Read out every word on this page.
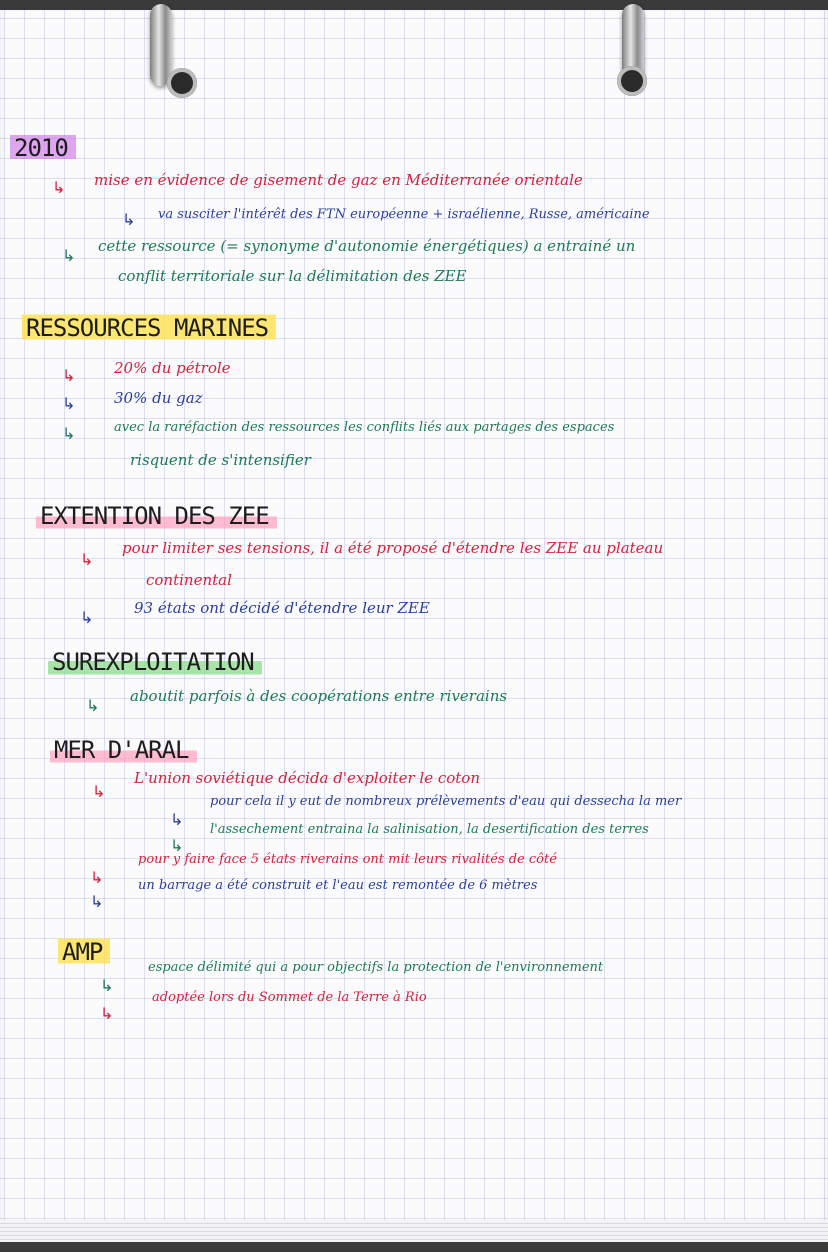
2010
↳ mise en évidence de gisement de gaz en Méditerranée orientale
↳ va susciter l'intérêt des FTN européenne + israélienne, Russe, américaine
↳ cette ressource (= synonyme d'autonomie énergétiques) a entrainé un
conflit territoriale sur la délimitation des ZEE
RESSOURCES MARINES
↳	20% du pétrole
↳	30% du gaz
↳	avec la raréfaction des ressources les conflits liés aux partages des espaces
risquent de s'intensifier
EXTENTION DES ZEE
↳
pour limiter ses tensions, il a été proposé d'étendre les ZEE au plateau
continental
↳	93 états ont décidé d'étendre leur ZEE
SUREXPLOITATION
↳ aboutit parfois à des coopérations entre riverains
MER D'ARAL
↳
L'union soviétique décida d'exploiter le coton
↳
pour cela il y eut de nombreux prélèvements d'eau qui dessecha la mer
↳
l'assechement entraina la salinisation, la desertification des terres
↳
pour y faire face 5 états riverains ont mit leurs rivalités de côté
↳
un barrage a été construit et l'eau est remontée de 6 mètres
AMP
↳
espace délimité qui a pour objectifs la protection de l'environnement
↳
adoptée lors du Sommet de la Terre à Rio
